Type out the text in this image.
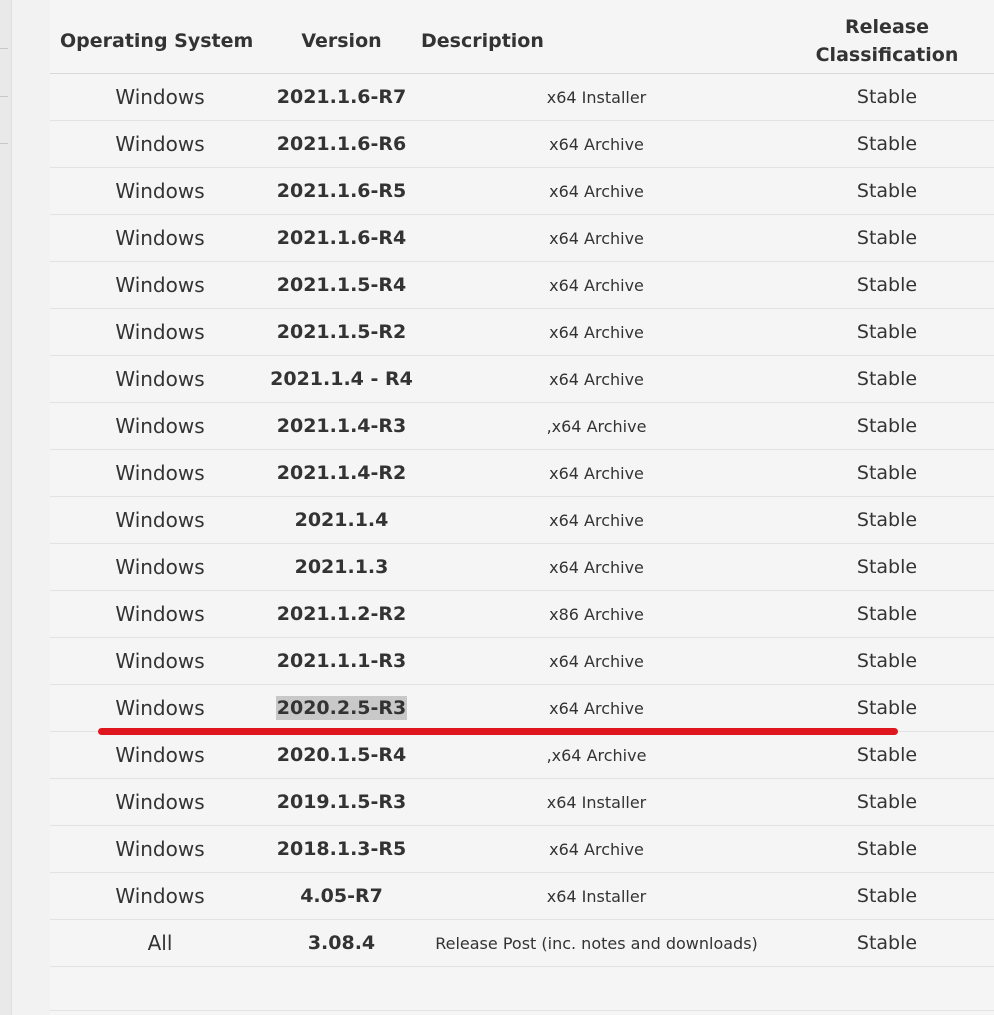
Operating System	Version	Description	Release
Classification
Windows	2021.1.6-R7	x64 Installer	Stable
Windows	2021.1.6-R6	x64 Archive	Stable
Windows	2021.1.6-R5	x64 Archive	Stable
Windows	2021.1.6-R4	x64 Archive	Stable
Windows	2021.1.5-R4	x64 Archive	Stable
Windows	2021.1.5-R2	x64 Archive	Stable
Windows	2021.1.4 - R4	x64 Archive	Stable
Windows	2021.1.4-R3	,x64 Archive	Stable
Windows	2021.1.4-R2	x64 Archive	Stable
Windows	2021.1.4	x64 Archive	Stable
Windows	2021.1.3	x64 Archive	Stable
Windows	2021.1.2-R2	x86 Archive	Stable
Windows	2021.1.1-R3	x64 Archive	Stable
Windows	2020.2.5-R3	x64 Archive	Stable
Windows	2020.1.5-R4	,x64 Archive	Stable
Windows	2019.1.5-R3	x64 Installer	Stable
Windows	2018.1.3-R5	x64 Archive	Stable
Windows	4.05-R7	x64 Installer	Stable
All	3.08.4	Release Post (inc. notes and downloads)	Stable
